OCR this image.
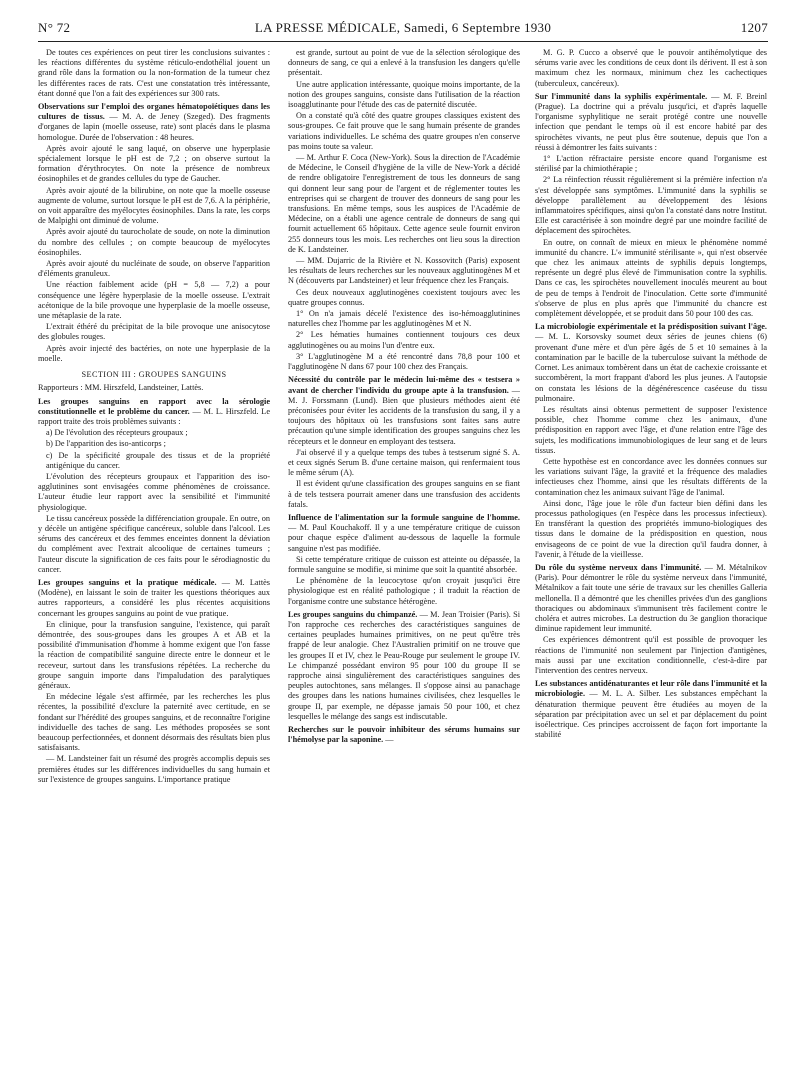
N° 72	LA PRESSE MÉDICALE, Samedi, 6 Septembre 1930	1207

De toutes ces expériences on peut tirer les conclusions suivantes : les réactions différentes du système réticulo-endothélial jouent un grand rôle dans la formation ou la non-formation de la tumeur chez les différentes races de rats. C'est une constatation très intéressante, étant donné que l'on a fait des expériences sur 300 rats.

Observations sur l'emploi des organes hématopoïétiques dans les cultures de tissus. — M. A. de Jeney (Szeged). Des fragments d'organes de lapin (moelle osseuse, rate) sont placés dans le plasma homologue. Durée de l'observation : 48 heures.

Après avoir ajouté le sang laqué, on observe une hyperplasie spécialement lorsque le pH est de 7,2 ; on observe surtout la formation d'érythrocytes. On note la présence de nombreux éosinophiles et de grandes cellules du type de Gaucher.

Après avoir ajouté de la bilirubine, on note que la moelle osseuse augmente de volume, surtout lorsque le pH est de 7,6. A la périphérie, on voit apparaître des myélocytes éosinophiles. Dans la rate, les corps de Malpighi ont diminué de volume.

Après avoir ajouté du taurocholate de soude, on note la diminution du nombre des cellules ; on compte beaucoup de myélocytes éosinophiles.

Après avoir ajouté du nucléinate de soude, on observe l'apparition d'éléments granuleux.

Une réaction faiblement acide (pH = 5,8 — 7,2) a pour conséquence une légère hyperplasie de la moelle osseuse. L'extrait acétonique de la bile provoque une hyperplasie de la moelle osseuse, une métaplasie de la rate.

L'extrait éthéré du précipitat de la bile provoque une anisocytose des globules rouges.

Après avoir injecté des bactéries, on note une hyperplasie de la moelle.

SECTION III : GROUPES SANGUINS

Rapporteurs : MM. Hirszfeld, Landsteiner, Lattès.

Les groupes sanguins en rapport avec la sérologie constitutionnelle et le problème du cancer. — M. L. Hirszfeld. Le rapport traite des trois problèmes suivants :

a) De l'évolution des récepteurs groupaux ;

b) De l'apparition des iso-anticorps ;

c) De la spécificité groupale des tissus et de la propriété antigénique du cancer.

L'évolution des récepteurs groupaux et l'apparition des iso-agglutinines sont envisagées comme phénomènes de croissance. L'auteur étudie leur rapport avec la sensibilité et l'immunité physiologique.

Le tissu cancéreux possède la différenciation groupale. En outre, on y décèle un antigène spécifique cancéreux, soluble dans l'alcool. Les sérums des cancéreux et des femmes enceintes donnent la déviation du complément avec l'extrait alcoolique de certaines tumeurs ; l'auteur discute la signification de ces faits pour le sérodiagnostic du cancer.

Les groupes sanguins et la pratique médicale. — M. Lattès (Modène), en laissant le soin de traiter les questions théoriques aux autres rapporteurs, a considéré les plus récentes acquisitions concernant les groupes sanguins au point de vue pratique.

En clinique, pour la transfusion sanguine, l'existence, qui paraît démontrée, des sous-groupes dans les groupes A et AB et la possibilité d'immunisation d'homme à homme exigent que l'on fasse la réaction de compatibilité sanguine directe entre le donneur et le receveur, surtout dans les transfusions répétées. La recherche du groupe sanguin importe dans l'impaludation des paralytiques généraux.

En médecine légale s'est affirmée, par les recherches les plus récentes, la possibilité d'exclure la paternité avec certitude, en se fondant sur l'hérédité des groupes sanguins, et de reconnaître l'origine individuelle des taches de sang. Les méthodes proposées se sont beaucoup perfectionnées, et donnent désormais des résultats bien plus satisfaisants.

— M. Landsteiner fait un résumé des progrès accomplis depuis ses premières études sur les différences individuelles du sang humain et sur l'existence de groupes sanguins. L'importance pratique

est grande, surtout au point de vue de la sélection sérologique des donneurs de sang, ce qui a enlevé à la transfusion les dangers qu'elle présentait.

Une autre application intéressante, quoique moins importante, de la notion des groupes sanguins, consiste dans l'utilisation de la réaction isoagglutinante pour l'étude des cas de paternité discutée.

On a constaté qu'à côté des quatre groupes classiques existent des sous-groupes. Ce fait prouve que le sang humain présente de grandes variations individuelles. Le schéma des quatre groupes n'en conserve pas moins toute sa valeur.

— M. Arthur F. Coca (New-York). Sous la direction de l'Académie de Médecine, le Conseil d'hygiène de la ville de New-York a décidé de rendre obligatoire l'enregistrement de tous les donneurs de sang qui donnent leur sang pour de l'argent et de réglementer toutes les entreprises qui se chargent de trouver des donneurs de sang pour les transfusions. En même temps, sous les auspices de l'Académie de Médecine, on a établi une agence centrale de donneurs de sang qui fournit actuellement 65 hôpitaux. Cette agence seule fournit environ 255 donneurs tous les mois. Les recherches ont lieu sous la direction de K. Landsteiner.

— MM. Dujarric de la Rivière et N. Kossovitch (Paris) exposent les résultats de leurs recherches sur les nouveaux agglutinogènes M et N (découverts par Landsteiner) et leur fréquence chez les Français.

Ces deux nouveaux agglutinogènes coexistent toujours avec les quatre groupes connus.

1° On n'a jamais décelé l'existence des iso-hémoagglutinines naturelles chez l'homme par les agglutinogènes M et N.

2° Les hématies humaines contiennent toujours ces deux agglutinogènes ou au moins l'un d'entre eux.

3° L'agglutinogène M a été rencontré dans 78,8 pour 100 et l'agglutinogène N dans 67 pour 100 chez des Français.

Nécessité du contrôle par le médecin lui-même des « testsera » avant de chercher l'individu du groupe apte à la transfusion. — M. J. Forssmann (Lund). Bien que plusieurs méthodes aient été préconisées pour éviter les accidents de la transfusion du sang, il y a toujours des hôpitaux où les transfusions sont faites sans autre précaution qu'une simple identification des groupes sanguins chez les récepteurs et le donneur en employant des testsera.

J'ai observé il y a quelque temps des tubes à testserum signé S. A. et ceux signés Serum B. d'une certaine maison, qui renfermaient tous le même sérum (A).

Il est évident qu'une classification des groupes sanguins en se fiant à de tels testsera pourrait amener dans une transfusion des accidents fatals.

Influence de l'alimentation sur la formule sanguine de l'homme. — M. Paul Kouchakoff. Il y a une température critique de cuisson pour chaque espèce d'aliment au-dessous de laquelle la formule sanguine n'est pas modifiée.

Si cette température critique de cuisson est atteinte ou dépassée, la formule sanguine se modifie, si minime que soit la quantité absorbée.

Le phénomène de la leucocytose qu'on croyait jusqu'ici être physiologique est en réalité pathologique ; il traduit la réaction de l'organisme contre une substance hétérogène.

Les groupes sanguins du chimpanzé. — M. Jean Troisier (Paris). Si l'on rapproche ces recherches des caractéristiques sanguines de certaines peuplades humaines primitives, on ne peut qu'être très frappé de leur analogie. Chez l'Australien primitif on ne trouve que les groupes II et IV, chez le Peau-Rouge pur seulement le groupe IV. Le chimpanzé possédant environ 95 pour 100 du groupe II se rapproche ainsi singulièrement des caractéristiques sanguines des peuples autochtones, sans mélanges. Il s'oppose ainsi au panachage des groupes dans les nations humaines civilisées, chez lesquelles le groupe II, par exemple, ne dépasse jamais 50 pour 100, et chez lesquelles le mélange des sangs est indiscutable.

Recherches sur le pouvoir inhibiteur des sérums humains sur l'hémolyse par la saponine. —

M. G. P. Cucco a observé que le pouvoir antihémolytique des sérums varie avec les conditions de ceux dont ils dérivent. Il est à son maximum chez les normaux, minimum chez les cachectiques (tuberculeux, cancéreux).

Sur l'immunité dans la syphilis expérimentale. — M. F. Breinl (Prague). La doctrine qui a prévalu jusqu'ici, et d'après laquelle l'organisme syphylitique ne serait protégé contre une nouvelle infection que pendant le temps où il est encore habité par des spirochètes vivants, ne peut plus être soutenue, depuis que l'on a réussi à démontrer les faits suivants :

1° L'action réfractaire persiste encore quand l'organisme est stérilisé par la chimiothérapie ;

2° La réinfection réussit régulièrement si la prémière infection n'a s'est développée sans symptômes. L'immunité dans la syphilis se développe parallèlement au développement des lésions inflammatoires spécifiques, ainsi qu'on l'a constaté dans notre Institut. Elle est caractérisée à son moindre degré par une moindre facilité de déplacement des spirochètes.

En outre, on connaît de mieux en mieux le phénomène nommé immunité du chancre. L'« immunité stérilisante », qui n'est observée que chez les animaux atteints de syphilis depuis longtemps, représente un degré plus élevé de l'immunisation contre la syphilis. Dans ce cas, les spirochètes nouvellement inoculés meurent au bout de peu de temps à l'endroit de l'inoculation. Cette sorte d'immunité s'observe de plus en plus après que l'immunité du chancre est complètement développée, et se produit dans 50 pour 100 des cas.

La microbiologie expérimentale et la prédisposition suivant l'âge. — M. L. Korsovsky soumet deux séries de jeunes chiens (6) provenant d'une mère et d'un père âgés de 5 et 10 semaines à la contamination par le bacille de la tuberculose suivant la méthode de Cornet. Les animaux tombèrent dans un état de cachexie croissante et succombèrent, la mort frappant d'abord les plus jeunes. A l'autopsie on constata les lésions de la dégénérescence caséeuse du tissu pulmonaire.

Les résultats ainsi obtenus permettent de supposer l'existence possible, chez l'homme comme chez les animaux, d'une prédisposition en rapport avec l'âge, et d'une relation entre l'âge des sujets, les modifications immunobiologiques de leur sang et de leurs tissus.

Cette hypothèse est en concordance avec les données connues sur les variations suivant l'âge, la gravité et la fréquence des maladies infectieuses chez l'homme, ainsi que les résultats différents de la contamination chez les animaux suivant l'âge de l'animal.

Ainsi donc, l'âge joue le rôle d'un facteur bien défini dans les processus pathologiques (en l'espèce dans les processus infectieux). En transférant la question des propriétés immuno-biologiques des tissus dans le domaine de la prédisposition en question, nous envisageons de ce point de vue la direction qu'il faudra donner, à l'avenir, à l'étude de la vieillesse.

Du rôle du système nerveux dans l'immunité. — M. Métalnikov (Paris). Pour démontrer le rôle du système nerveux dans l'immunité, Métalnikov a fait toute une série de travaux sur les chenilles Galleria mellonella. Il a démontré que les chenilles privées d'un des ganglions thoraciques ou abdominaux s'immunisent très facilement contre le choléra et autres microbes. La destruction du 3e ganglion thoracique diminue rapidement leur immunité.

Ces expériences démontrent qu'il est possible de provoquer les réactions de l'immunité non seulement par l'injection d'antigènes, mais aussi par une excitation conditionnelle, c'est-à-dire par l'intervention des centres nerveux.

Les substances antidénaturantes et leur rôle dans l'immunité et la microbiologie. — M. L. A. Silber. Les substances empêchant la dénaturation thermique peuvent être étudiées au moyen de la séparation par précipitation avec un sel et par déplacement du point isoélectrique. Ces principes accroissent de façon fort importante la stabilité
